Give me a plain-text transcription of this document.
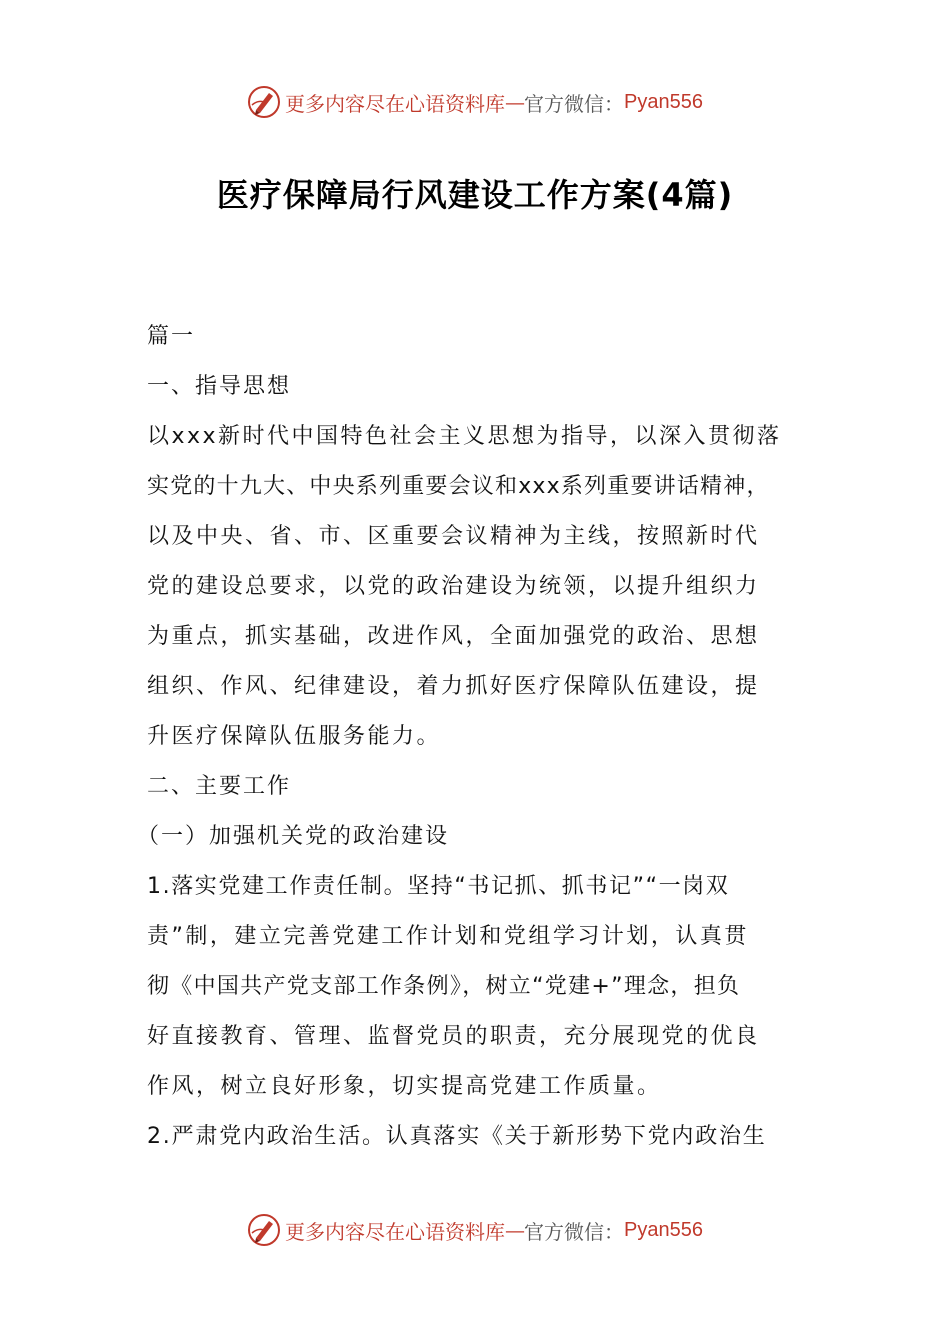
更多内容尽在心语资料库 — 官方微信： Pyan556
医疗保障局行风建设工作方案(4篇)

篇一

一、指导思想

以xxx新时代中国特色社会主义思想为指导，以深入贯彻落

实党的十九大、中央系列重要会议和xxx系列重要讲话精神，

以及中央、省、市、区重要会议精神为主线，按照新时代

党的建设总要求，以党的政治建设为统领，以提升组织力

为重点，抓实基础，改进作风，全面加强党的政治、思想

组织、作风、纪律建设，着力抓好医疗保障队伍建设，提

升医疗保障队伍服务能力。

二、主要工作

（一）加强机关党的政治建设

1.落实党建工作责任制。坚持“书记抓、抓书记”“一岗双

责”制，建立完善党建工作计划和党组学习计划，认真贯

彻《中国共产党支部工作条例》，树立“党建+”理念，担负

好直接教育、管理、监督党员的职责，充分展现党的优良

作风，树立良好形象，切实提高党建工作质量。

2.严肃党内政治生活。认真落实《关于新形势下党内政治生

更多内容尽在心语资料库 — 官方微信： Pyan556
